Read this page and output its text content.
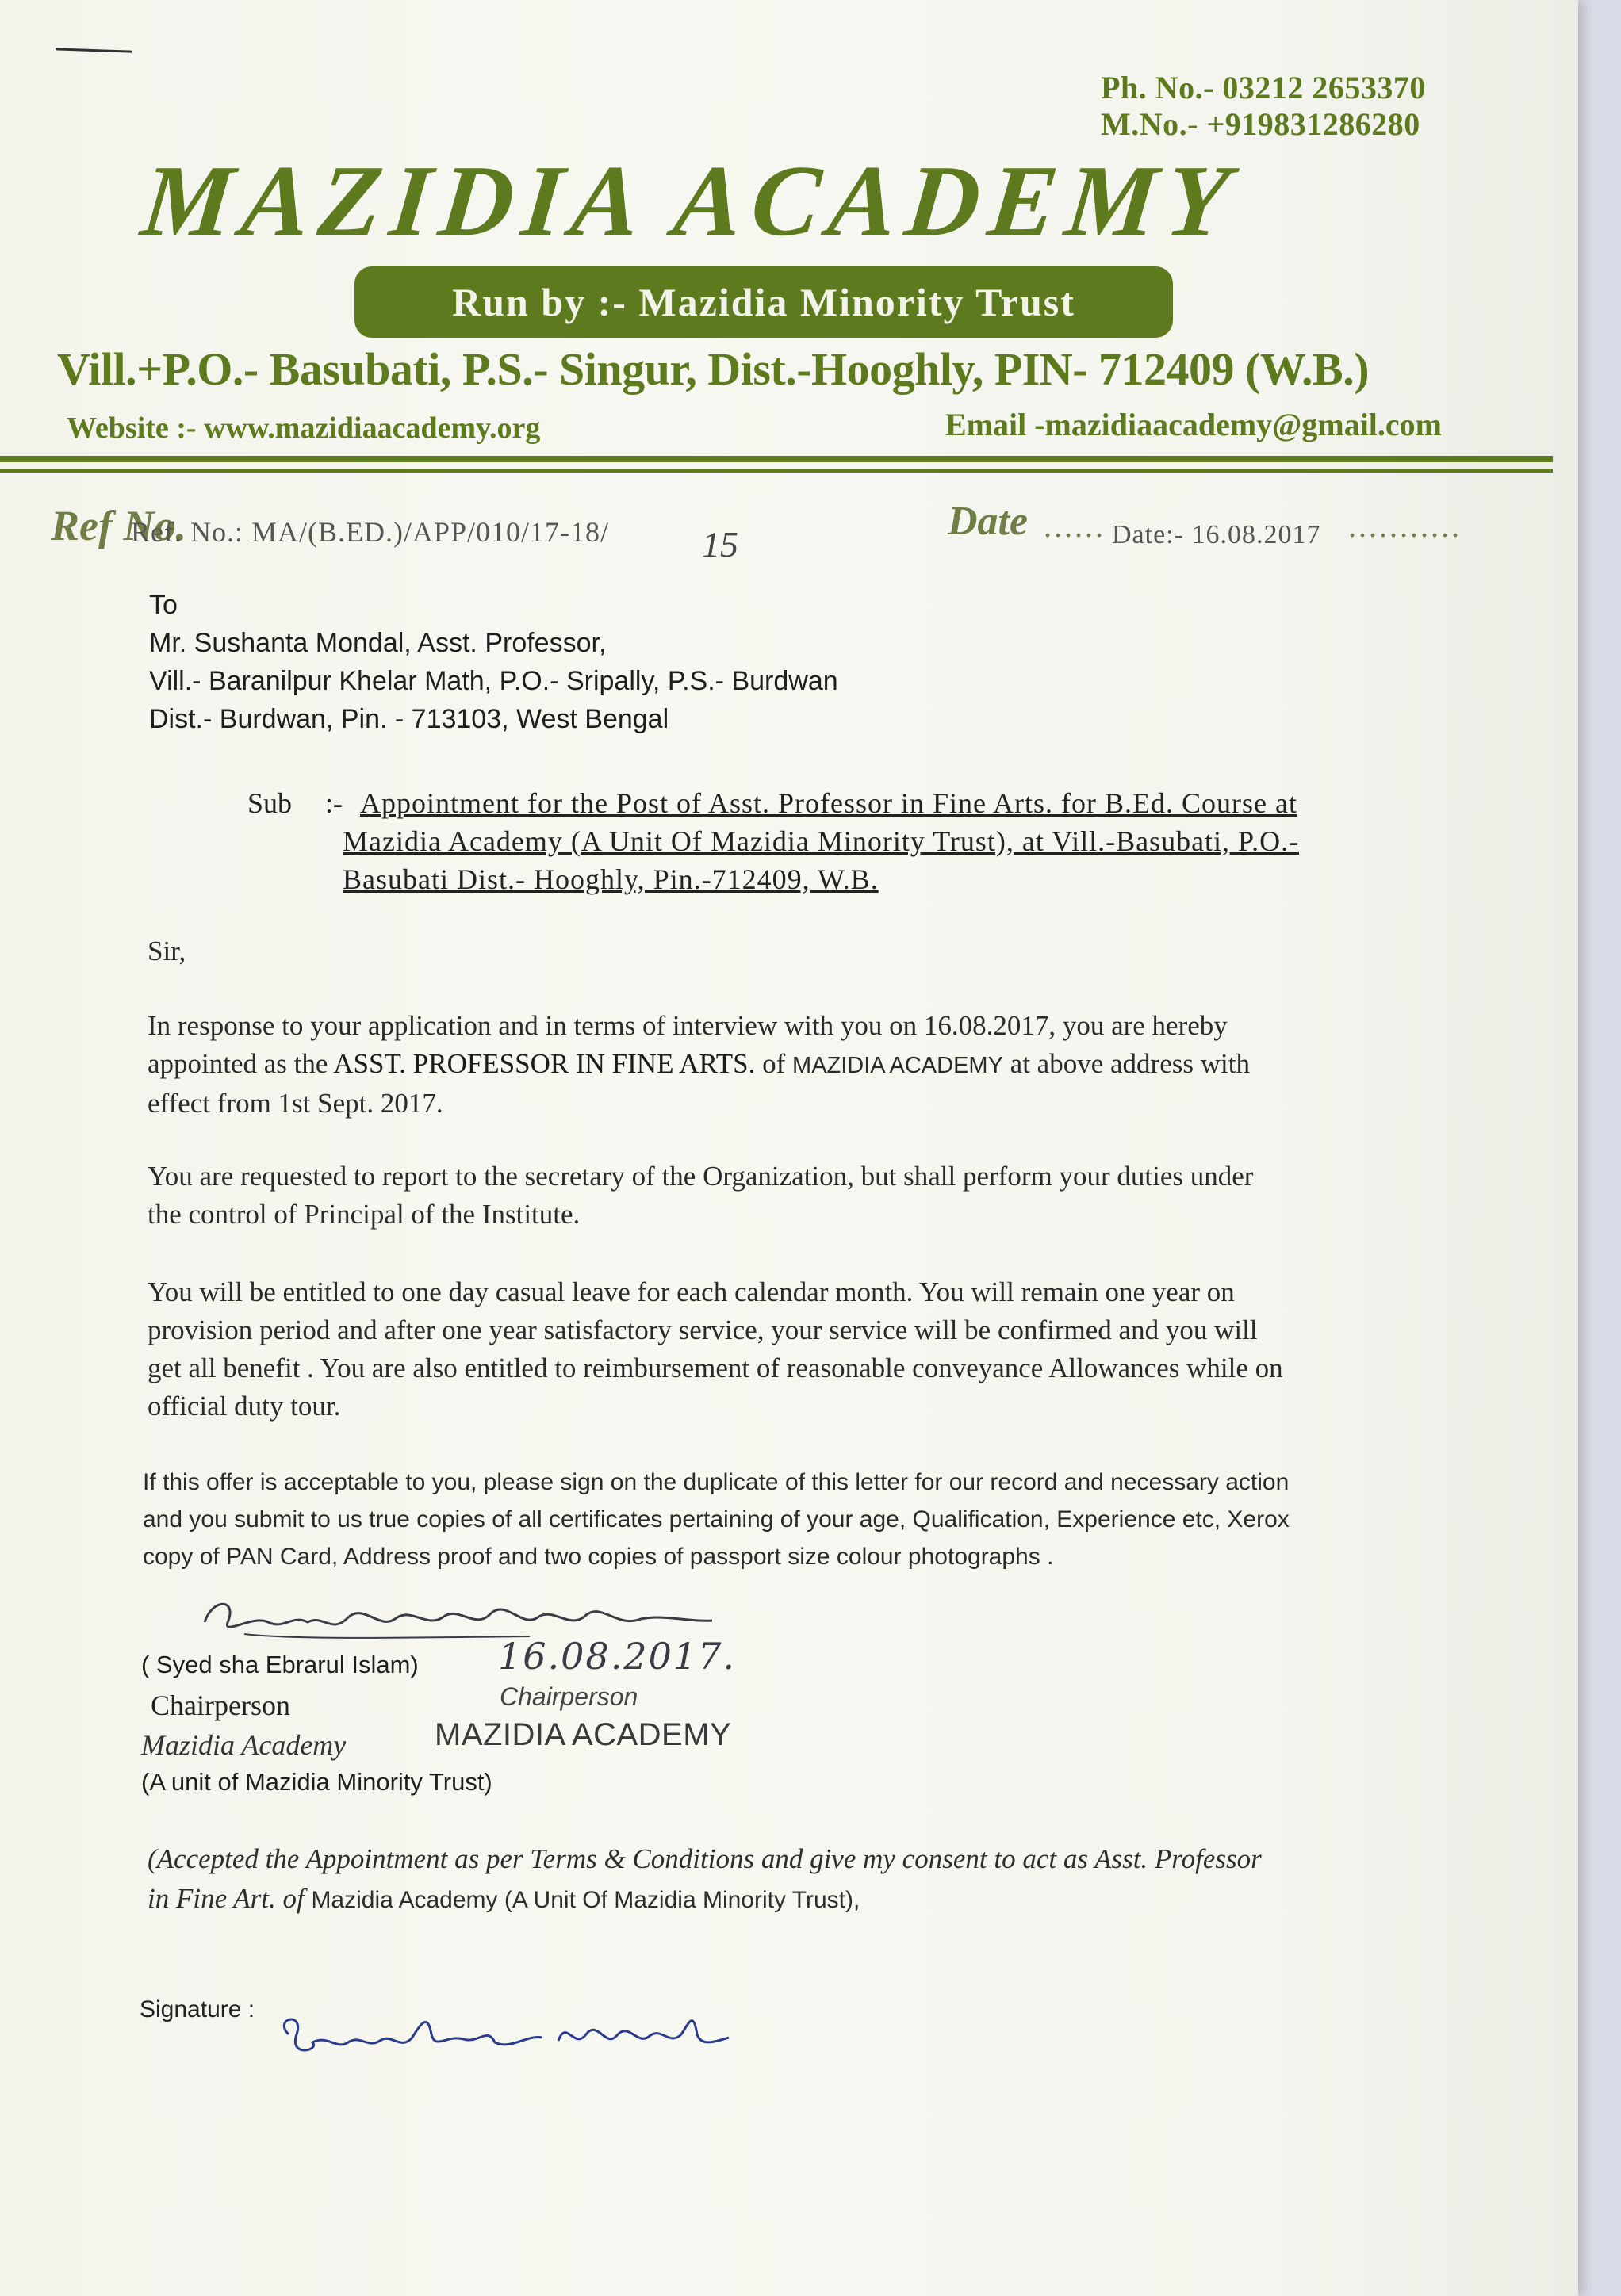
Ph. No.- 03212 2653370
M.No.- +919831286280
MAZIDIA ACADEMY
Run by :- Mazidia Minority Trust
Vill.+P.O.- Basubati, P.S.- Singur, Dist.-Hooghly, PIN- 712409 (W.B.)
Website :- www.mazidiaacademy.org	Email -mazidiaacademy@gmail.com
Ref No.
Ref. No.: MA/(B.ED.)/APP/010/17-18/	15
Date ...... Date:- 16.08.2017 ...........
To
Mr. Sushanta Mondal, Asst. Professor,
Vill.- Baranilpur Khelar Math, P.O.- Sripally, P.S.- Burdwan
Dist.- Burdwan, Pin. - 713103, West Bengal
Sub :- Appointment for the Post of Asst. Professor in Fine Arts. for B.Ed. Course at
Mazidia Academy (A Unit Of Mazidia Minority Trust), at Vill.-Basubati, P.O.-
Basubati Dist.- Hooghly, Pin.-712409, W.B.
Sir,
In response to your application and in terms of interview with you on 16.08.2017, you are hereby
appointed as the ASST. PROFESSOR IN FINE ARTS. of MAZIDIA ACADEMY at above address with
effect from 1st Sept. 2017.
You are requested to report to the secretary of the Organization, but shall perform your duties under
the control of Principal of the Institute.
You will be entitled to one day casual leave for each calendar month. You will remain one year on
provision period and after one year satisfactory service, your service will be confirmed and you will
get all benefit . You are also entitled to reimbursement of reasonable conveyance Allowances while on
official duty tour.
If this offer is acceptable to you, please sign on the duplicate of this letter for our record and necessary action
and you submit to us true copies of all certificates pertaining of your age, Qualification, Experience etc, Xerox
copy of PAN Card, Address proof and two copies of passport size colour photographs .
( Syed sha Ebrarul Islam) 16.08.2017.
Chairperson	Chairperson
Mazidia Academy	MAZIDIA ACADEMY
(A unit of Mazidia Minority Trust)
(Accepted the Appointment as per Terms & Conditions and give my consent to act as Asst. Professor
in Fine Art. of Mazidia Academy (A Unit Of Mazidia Minority Trust),
Signature :
